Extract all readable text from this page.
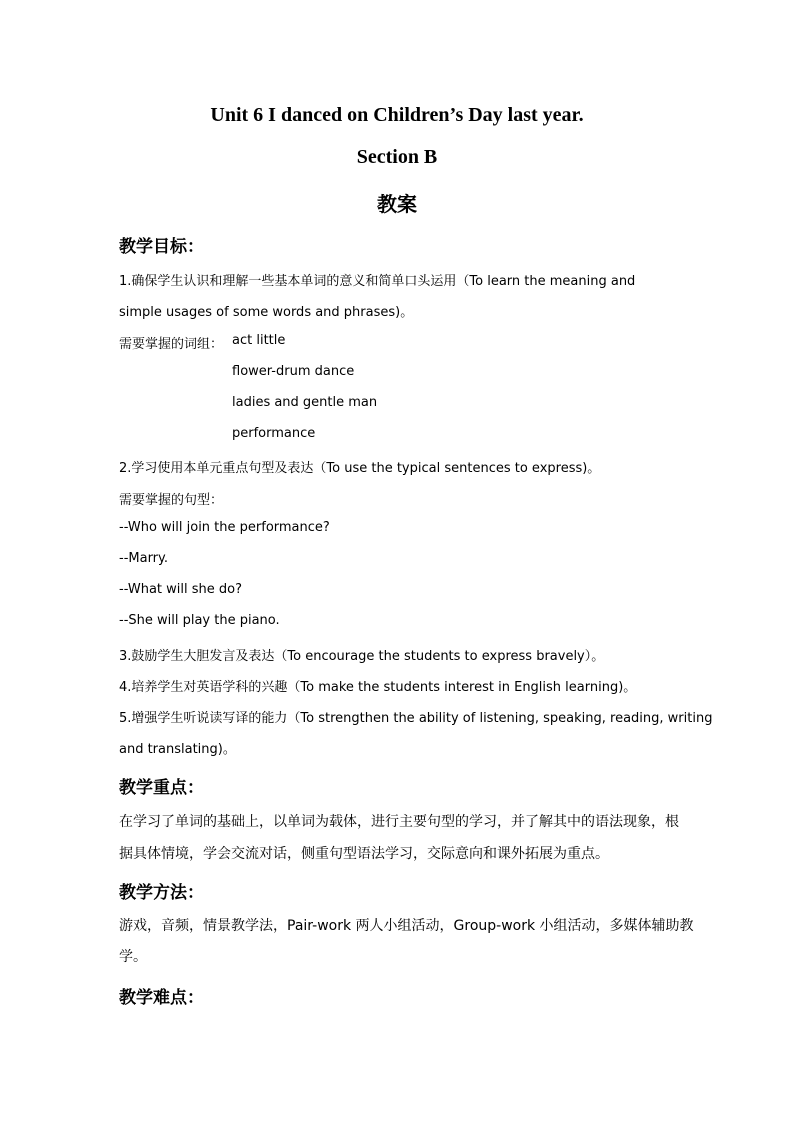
Unit 6 I danced on Children’s Day last year.
Section B
教案
教学目标：
1.确保学生认识和理解一些基本单词的意义和简单口头运用（To learn the meaning and
simple usages of some words and phrases)。
需要掌握的词组： act little
flower-drum dance
ladies and gentle man
performance
2.学习使用本单元重点句型及表达（To use the typical sentences to express)。
需要掌握的句型：
--Who will join the performance?
--Marry.
--What will she do?
--She will play the piano.
3.鼓励学生大胆发言及表达（To encourage the students to express bravely）。
4.培养学生对英语学科的兴趣（To make the students interest in English learning)。
5.增强学生听说读写译的能力（To strengthen the ability of listening, speaking, reading, writing
and translating)。
教学重点：
在学习了单词的基础上，以单词为载体，进行主要句型的学习，并了解其中的语法现象，根
据具体情境，学会交流对话，侧重句型语法学习，交际意向和课外拓展为重点。
教学方法：
游戏，音频，情景教学法，Pair-work 两人小组活动，Group-work 小组活动，多媒体辅助教
学。
教学难点：
